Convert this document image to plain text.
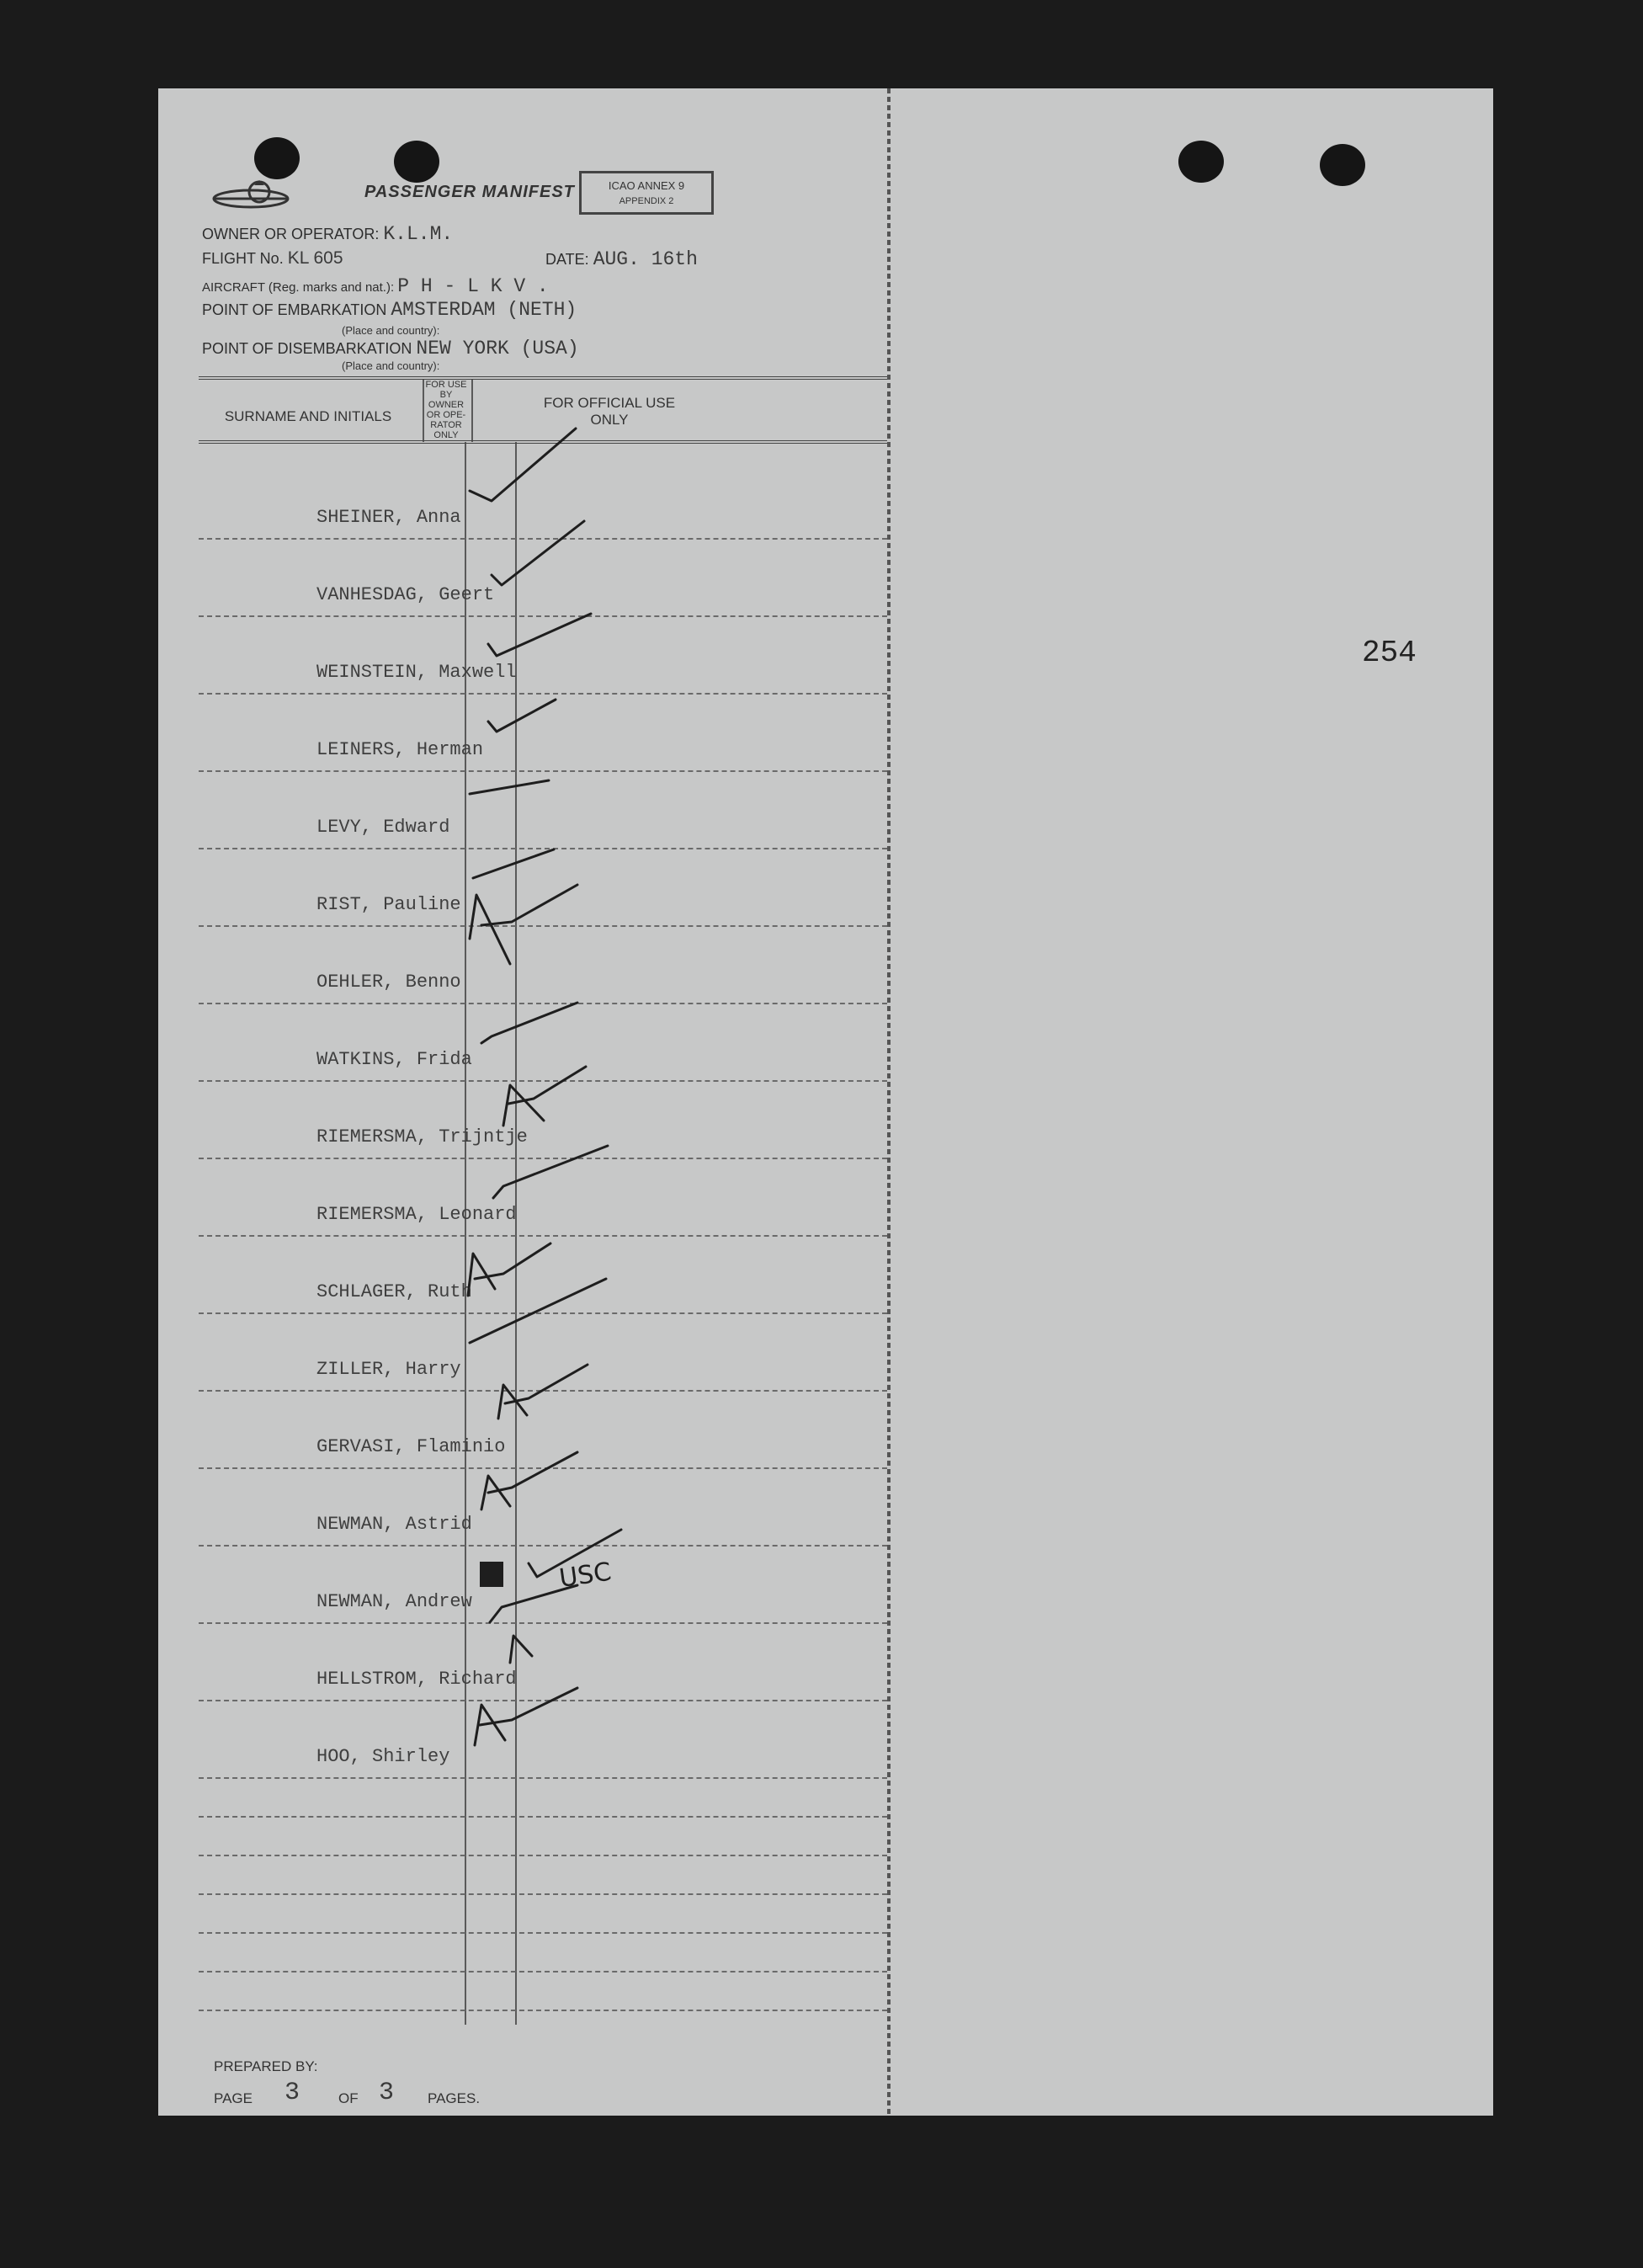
PASSENGER MANIFEST	ICAO ANNEX 9
APPENDIX 2
OWNER OR OPERATOR: K.L.M.
FLIGHT No. KL 605	DATE: AUG. 16th
AIRCRAFT (Reg. marks and nat.): P H - L K V .
POINT OF EMBARKATION AMSTERDAM (NETH)
(Place and country):
POINT OF DISEMBARKATION NEW YORK (USA)
(Place and country):
SURNAME AND INITIALS
FOR USE BY OWNER OR OPE- RATOR ONLY
FOR OFFICIAL USE
ONLY
SHEINER, Anna
VANHESDAG, Geert
WEINSTEIN, Maxwell
LEINERS, Herman
LEVY, Edward
RIST, Pauline
OEHLER, Benno
WATKINS, Frida
RIEMERSMA, Trijntje
RIEMERSMA, Leonard
SCHLAGER, Ruth
ZILLER, Harry
GERVASI, Flaminio
NEWMAN, Astrid
NEWMAN, Andrew
HELLSTROM, Richard
HOO, Shirley
USC
PREPARED BY:
PAGE 3	OF 3 PAGES.
254
